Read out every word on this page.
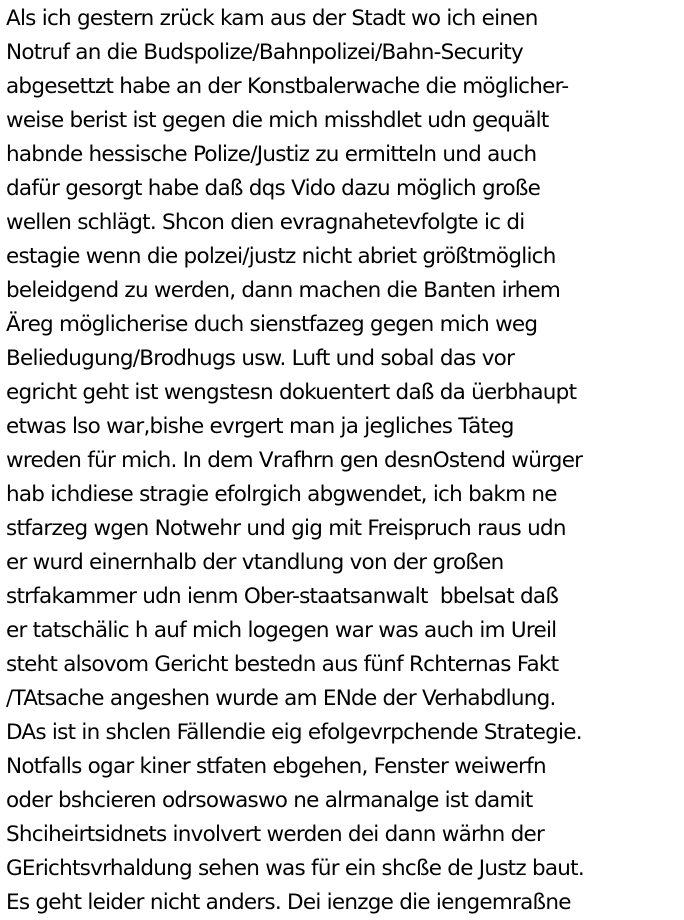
Als ich gestern zrück kam aus der Stadt wo ich einen
Notruf an die Budspolize/Bahnpolizei/Bahn-Security
abgesettzt habe an der Konstbalerwache die möglicher-
weise berist ist gegen die mich misshdlet udn gequält
habnde hessische Polize/Justiz zu ermitteln und auch
dafür gesorgt habe daß dqs Vido dazu möglich große
wellen schlägt. Shcon dien evragnahetevfolgte ic di
estagie wenn die polzei/justz nicht abriet größtmöglich
beleidgend zu werden, dann machen die Banten irhem
Äreg möglicherise duch sienstfazeg gegen mich weg
Beliedugung/Brodhugs usw. Luft und sobal das vor
egricht geht ist wengstesn dokuentert daß da üerbhaupt
etwas lso war,bishe evrgert man ja jegliches Täteg
wreden für mich. In dem Vrafhrn gen desnOstend würger
hab ichdiese stragie efolrgich abgwendet, ich bakm ne
stfarzeg wgen Notwehr und gig mit Freispruch raus udn
er wurd einernhalb der vtandlung von der großen
strfakammer udn ienm Ober-staatsanwalt  bbelsat daß
er tatschälic h auf mich logegen war was auch im Ureil
steht alsovom Gericht bestedn aus fünf Rchternas Fakt
/TAtsache angeshen wurde am ENde der Verhabdlung.
DAs ist in shclen Fällendie eig efolgevrpchende Strategie.
Notfalls ogar kiner stfaten ebgehen, Fenster weiwerfn
oder bshcieren odrsowaswo ne alrmanalge ist damit
Shciheirtsidnets involvert werden dei dann wärhn der
GErichtsvrhaldung sehen was für ein shcße de Justz baut.
Es geht leider nicht anders. Dei ienzge die iengemraßne
